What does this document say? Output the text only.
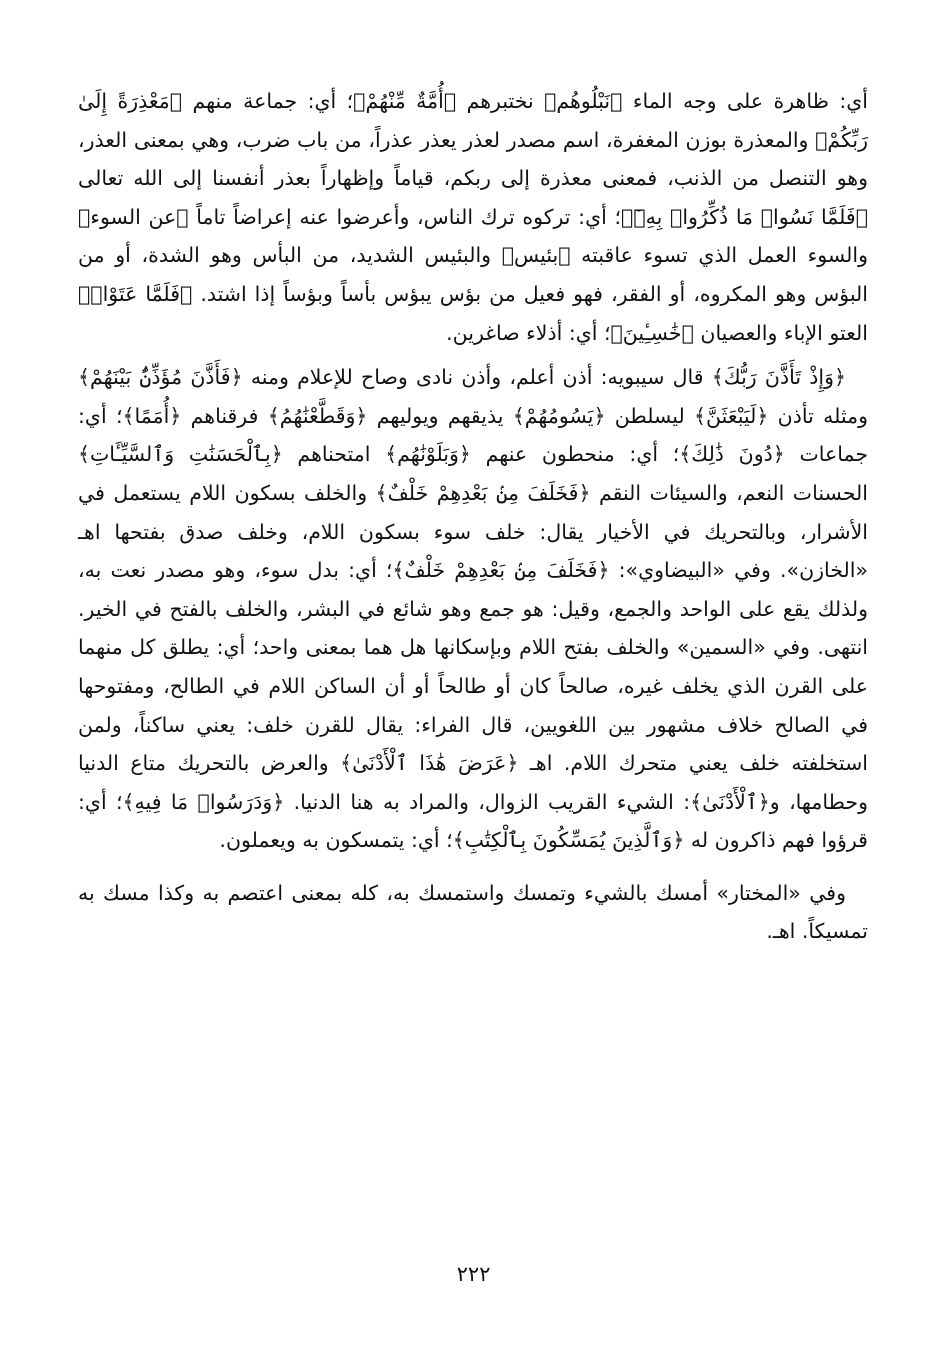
أي: ظاهرة على وجه الماء ﴿نَبْلُوهُم﴾ نختبرهم ﴿أُمَّةٌ مِّنْهُمْ﴾؛ أي: جماعة منهم ﴿مَعْذِرَةً إِلَىٰ رَبِّكُمْ﴾ والمعذرة بوزن المغفرة، اسم مصدر لعذر يعذر عذراً، من باب ضرب، وهي بمعنى العذر، وهو التنصل من الذنب، فمعنى معذرة إلى ربكم، قياماً وإظهاراً بعذر أنفسنا إلى الله تعالى ﴿فَلَمَّا نَسُوا۟ مَا ذُكِّرُوا۟ بِهِۦٓ﴾؛ أي: تركوه ترك الناس، وأعرضوا عنه إعراضاً تاماً ﴿عن السوء﴾ والسوء العمل الذي تسوء عاقبته ﴿بئيس﴾ والبئيس الشديد، من البأس وهو الشدة، أو من البؤس وهو المكروه، أو الفقر، فهو فعيل من بؤس يبؤس بأساً وبؤساً إذا اشتد. ﴿فَلَمَّا عَتَوْا۟﴾ العتو الإباء والعصيان ﴿خَٰسِـِٔينَ﴾؛ أي: أذلاء صاغرين.

﴿وَإِذْ تَأَذَّنَ رَبُّكَ﴾ قال سيبويه: أذن أعلم، وأذن نادى وصاح للإعلام ومنه ﴿فَأَذَّنَ مُؤَذِّنٌۢ بَيْنَهُمْ﴾ ومثله تأذن ﴿لَيَبْعَثَنَّ﴾ ليسلطن ﴿يَسُومُهُمْ﴾ يذيقهم ويوليهم ﴿وَقَطَّعْنَٰهُمُ﴾ فرقناهم ﴿أُمَمًا﴾؛ أي: جماعات ﴿دُونَ ذَٰلِكَ﴾؛ أي: منحطون عنهم ﴿وَبَلَوْنَٰهُم﴾ امتحناهم ﴿بِٱلْحَسَنَٰتِ وَٱلسَّيِّـَٔاتِ﴾ الحسنات النعم، والسيئات النقم ﴿فَخَلَفَ مِنۢ بَعْدِهِمْ خَلْفٌ﴾ والخلف بسكون اللام يستعمل في الأشرار، وبالتحريك في الأخيار يقال: خلف سوء بسكون اللام، وخلف صدق بفتحها اهـ «الخازن». وفي «البيضاوي»: ﴿فَخَلَفَ مِنۢ بَعْدِهِمْ خَلْفٌ﴾؛ أي: بدل سوء، وهو مصدر نعت به، ولذلك يقع على الواحد والجمع، وقيل: هو جمع وهو شائع في البشر، والخلف بالفتح في الخير. انتهى. وفي «السمين» والخلف بفتح اللام وبإسكانها هل هما بمعنى واحد؛ أي: يطلق كل منهما على القرن الذي يخلف غيره، صالحاً كان أو طالحاً أو أن الساكن اللام في الطالح، ومفتوحها في الصالح خلاف مشهور بين اللغويين، قال الفراء: يقال للقرن خلف: يعني ساكناً، ولمن استخلفته خلف يعني متحرك اللام. اهـ ﴿عَرَضَ هَٰذَا ٱلْأَدْنَىٰ﴾ والعرض بالتحريك متاع الدنيا وحطامها، و﴿ٱلْأَدْنَىٰ﴾: الشيء القريب الزوال، والمراد به هنا الدنيا. ﴿وَدَرَسُوا۟ مَا فِيهِ﴾؛ أي: قرؤوا فهم ذاكرون له ﴿وَٱلَّذِينَ يُمَسِّكُونَ بِٱلْكِتَٰبِ﴾؛ أي: يتمسكون به ويعملون.

وفي «المختار» أمسك بالشيء وتمسك واستمسك به، كله بمعنى اعتصم به وكذا مسك به تمسيكاً. اهـ.

٢٢٢
